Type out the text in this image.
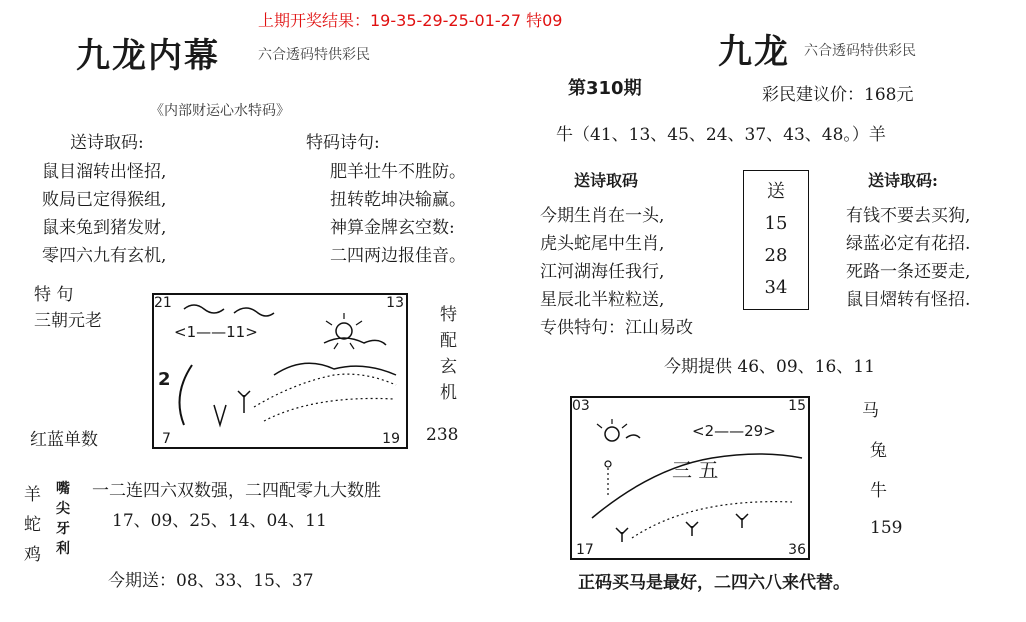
上期开奖结果：19-35-29-25-01-27 特09
九龙内幕	六合透码特供彩民
《内部财运心水特码》
送诗取码:	特码诗句:
鼠目溜转出怪招,
败局已定得猴组,
鼠来兔到猪发财,
零四六九有玄机,
肥羊壮牛不胜防。
扭转乾坤决输赢。
神算金牌玄空数:
二四两边报佳音。
特 句
三朝元老
红蓝单数	238
21	13
7	19
<1——11>
2
特
配
玄
机
羊
蛇
鸡
嘴
尖
牙
利
一二连四六双数强，二四配零九大数胜
17、09、25、14、04、11
今期送：08、33、15、37
九龙 六合透码特供彩民
第310期	彩民建议价：168元
牛（41、13、45、24、37、43、48。）羊
送诗取码
今期生肖在一头,
虎头蛇尾中生肖,
江河湖海任我行,
星辰北半粒粒送,
专供特句：江山易改
送
15
28
34
送诗取码:
有钱不要去买狗,
绿蓝必定有花招.
死路一条还要走,
鼠目熠转有怪招.
今期提供 46、09、16、11
03	15
17	36
<2——29>
三 五
马
兔
牛
159
正码买马是最好，二四六八来代替。
